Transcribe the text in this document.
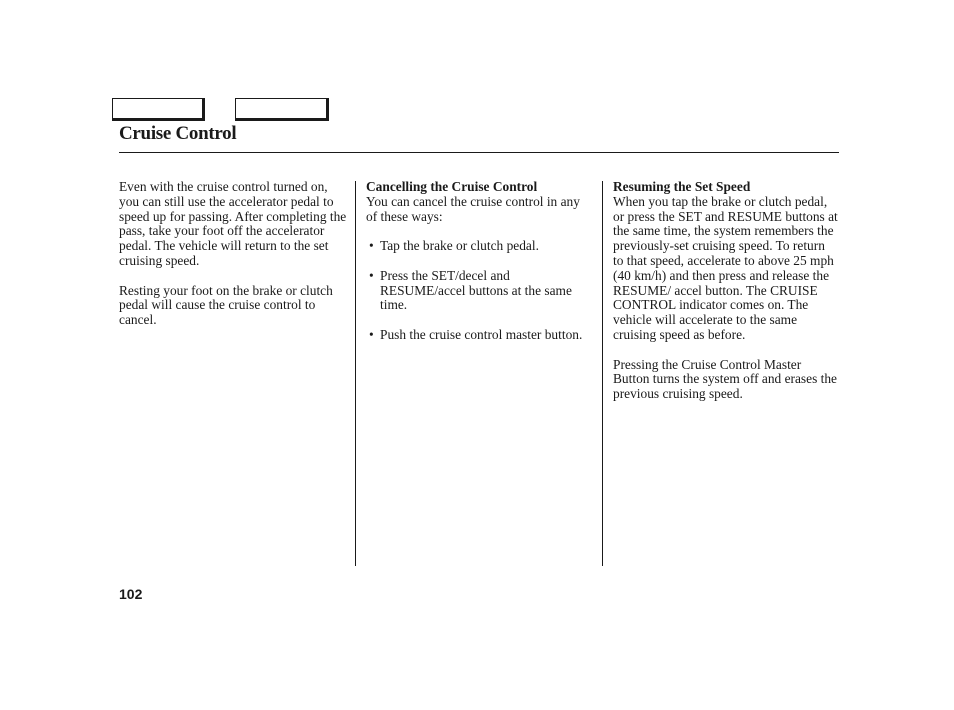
Cruise Control

Even with the cruise control turned on, you can still use the accelerator pedal to speed up for passing. After completing the pass, take your foot off the accelerator pedal. The vehicle will return to the set cruising speed.

Resting your foot on the brake or clutch pedal will cause the cruise control to cancel.

Cancelling the Cruise Control
You can cancel the cruise control in any of these ways:

• Tap the brake or clutch pedal.
• Press the SET/decel and RESUME/accel buttons at the same time.
• Push the cruise control master button.

Resuming the Set Speed
When you tap the brake or clutch pedal, or press the SET and RESUME buttons at the same time, the system remembers the previously-set cruising speed. To return to that speed, accelerate to above 25 mph (40 km/h) and then press and release the RESUME/ accel button. The CRUISE CONTROL indicator comes on. The vehicle will accelerate to the same cruising speed as before.

Pressing the Cruise Control Master Button turns the system off and erases the previous cruising speed.

102
